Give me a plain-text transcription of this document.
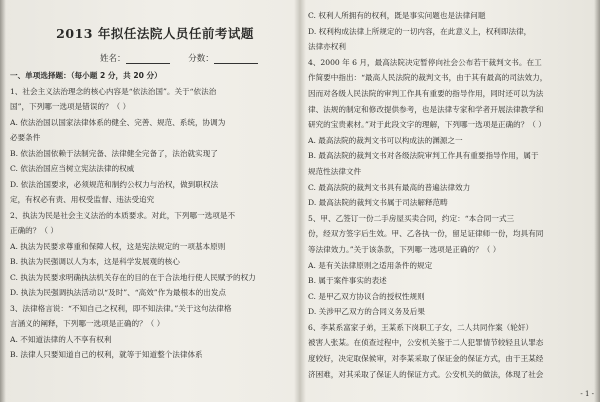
2013 年拟任法院人员任前考试题
姓名：	分数：
一、单项选择题：（每小题 2 分，共 20 分）
1、社会主义法治理念的核心内容是“依法治国”。关于“依法治
国”，下列哪一选项是错误的？（ ）
A. 依法治国以国家法律体系的健全、完善、规范、系统，协调为
必要条件
B. 依法治国依赖于法制完备、法律健全完备了，法治就实现了
C. 依法治国应当树立宪法法律的权威
D. 依法治国要求，必须规范和制约公权力与治权，做到职权法
定，有权必有责、用权受监督、违法受追究
2、执法为民是社会主义法治的本质要求。对此，下列哪一选项是不
正确的？（ ）
A. 执法为民要求尊重和保障人权，这是宪法规定的一项基本原则
B. 执法为民强调以人为本，这是科学发展观的核心
C. 执法为民要求明确执法机关存在的目的在于合法地行使人民赋予的权力
D. 执法为民强调执法活动以“及时”、“高效”作为最根本的出发点
3、法律格言说：“不知自己之权利，即不知法律。”关于这句法律格
言涵义的阐释，下列哪一选项是正确的？（ ）
A. 不知道法律的人不享有权利
B. 法律人只要知道自己的权利，就等于知道整个法律体系
C. 权利人所拥有的权利，既是事实问题也是法律问题
D. 权利构成法律上所规定的一切内容，在此意义上，权利即法律，
法律亦权利
4、2000 年 6 月，最高法院决定暂停向社会公布若干裁判文书。在工
作简要中指出：“最高人民法院的裁判文书，由于其有最高的司法效力，
因而对各级人民法院的审判工作具有重要的指导作用，同时还可以为法
律、法规的制定和修改提供参考，也是法律专家和学者开展法律教学和
研究的宝贵素材。”对于此段文字的理解，下列哪一选项是正确的？（ ）
A. 最高法院的裁判文书可以构成法的渊源之一
B. 最高法院的裁判文书对各级法院审判工作具有重要指导作用，属于
规范性法律文件
C. 最高法院的裁判文书具有最高的普遍法律效力
D. 最高法院的裁判文书属于司法解释范畴
5、甲、乙签订一份二手房屋买卖合同，约定：“本合同一式三
份，经双方签字后生效。甲、乙各执一份，留足证律师一份，均具有同
等法律效力。”关于该条款，下列哪一选项是正确的？（ ）
A. 是有关法律原则之适用条件的规定
B. 属于案件事实的表述
C. 是甲乙双方协议合的授权性规则
D. 关涉甲乙双方的合同义务及后果
6、李某系富家子弟，王某系下岗职工子女，二人共同作案（轮奸）
被害人张某。在侦查过程中，公安机关鉴于二人犯罪情节较轻且认罪态
度较好，决定取保候审，对李某采取了保证金的保证方式，由于王某经
济困难，对其采取了保证人的保证方式。公安机关的做法，体现了社会
- 1 -
